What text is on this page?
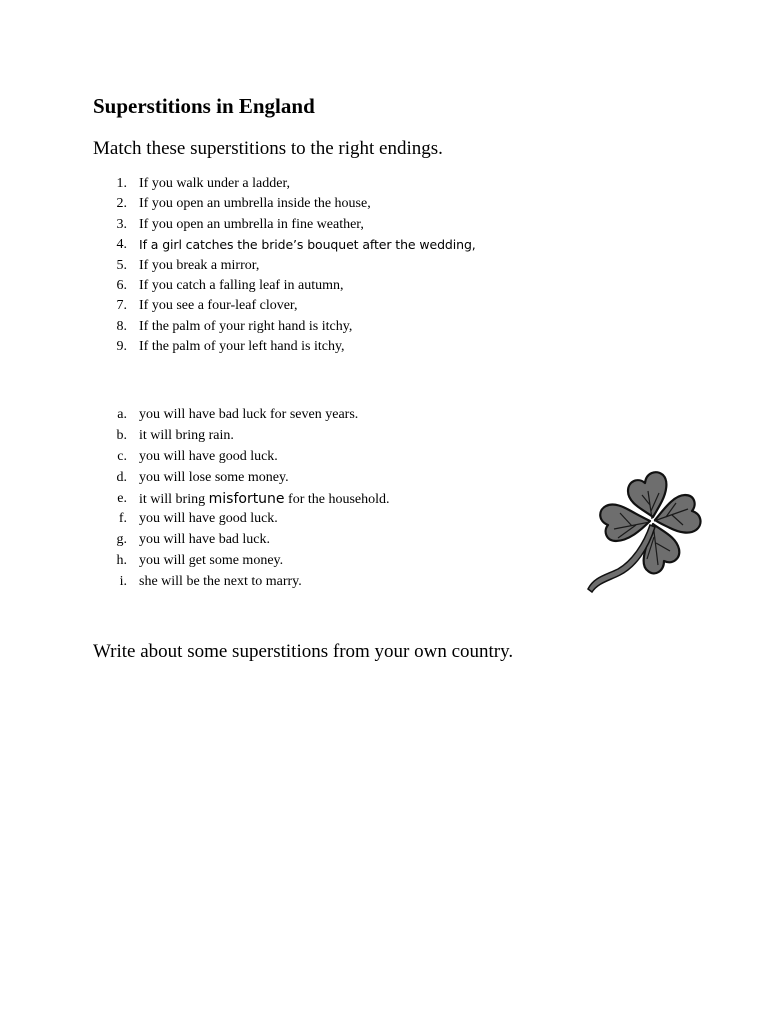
Superstitions in England

Match these superstitions to the right endings.

1. If you walk under a ladder,
2. If you open an umbrella inside the house,
3. If you open an umbrella in fine weather,
4. If a girl catches the bride’s bouquet after the wedding,
5. If you break a mirror,
6. If you catch a falling leaf in autumn,
7. If you see a four-leaf clover,
8. If the palm of your right hand is itchy,
9. If the palm of your left hand is itchy,
a. you will have bad luck for seven years.
b. it will bring rain.
c. you will have good luck.
d. you will lose some money.
e. it will bring misfortune for the household.
f. you will have good luck.
g. you will have bad luck.
h. you will get some money.
i. she will be the next to marry.

Write about some superstitions from your own country.
